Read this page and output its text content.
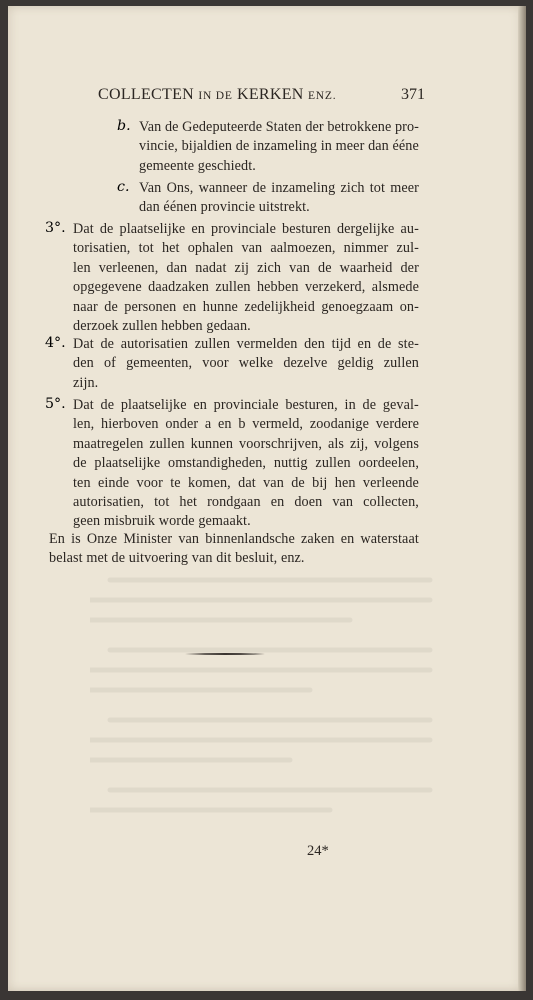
COLLECTEN IN DE KERKEN ENZ.	371
b. Van de Gedeputeerde Staten der betrokkene pro-
vincie, bijaldien de inzameling in meer dan ééne
gemeente geschiedt.
c. Van Ons, wanneer de inzameling zich tot meer
dan éénen provincie uitstrekt.
3°. Dat de plaatselijke en provinciale besturen dergelijke au-
torisatien, tot het ophalen van aalmoezen, nimmer zul-
len verleenen, dan nadat zij zich van de waarheid der
opgegevene daadzaken zullen hebben verzekerd, alsmede
naar de personen en hunne zedelijkheid genoegzaam on-
derzoek zullen hebben gedaan.
4°. Dat de autorisatien zullen vermelden den tijd en de ste-
den of gemeenten, voor welke dezelve geldig zullen
zijn.
5°. Dat de plaatselijke en provinciale besturen, in de geval-
len, hierboven onder a en b vermeld, zoodanige verdere
maatregelen zullen kunnen voorschrijven, als zij, volgens
de plaatselijke omstandigheden, nuttig zullen oordeelen,
ten einde voor te komen, dat van de bij hen verleende
autorisatien, tot het rondgaan en doen van collecten,
geen misbruik worde gemaakt.
En is Onze Minister van binnenlandsche zaken en waterstaat
belast met de uitvoering van dit besluit, enz.
24*
